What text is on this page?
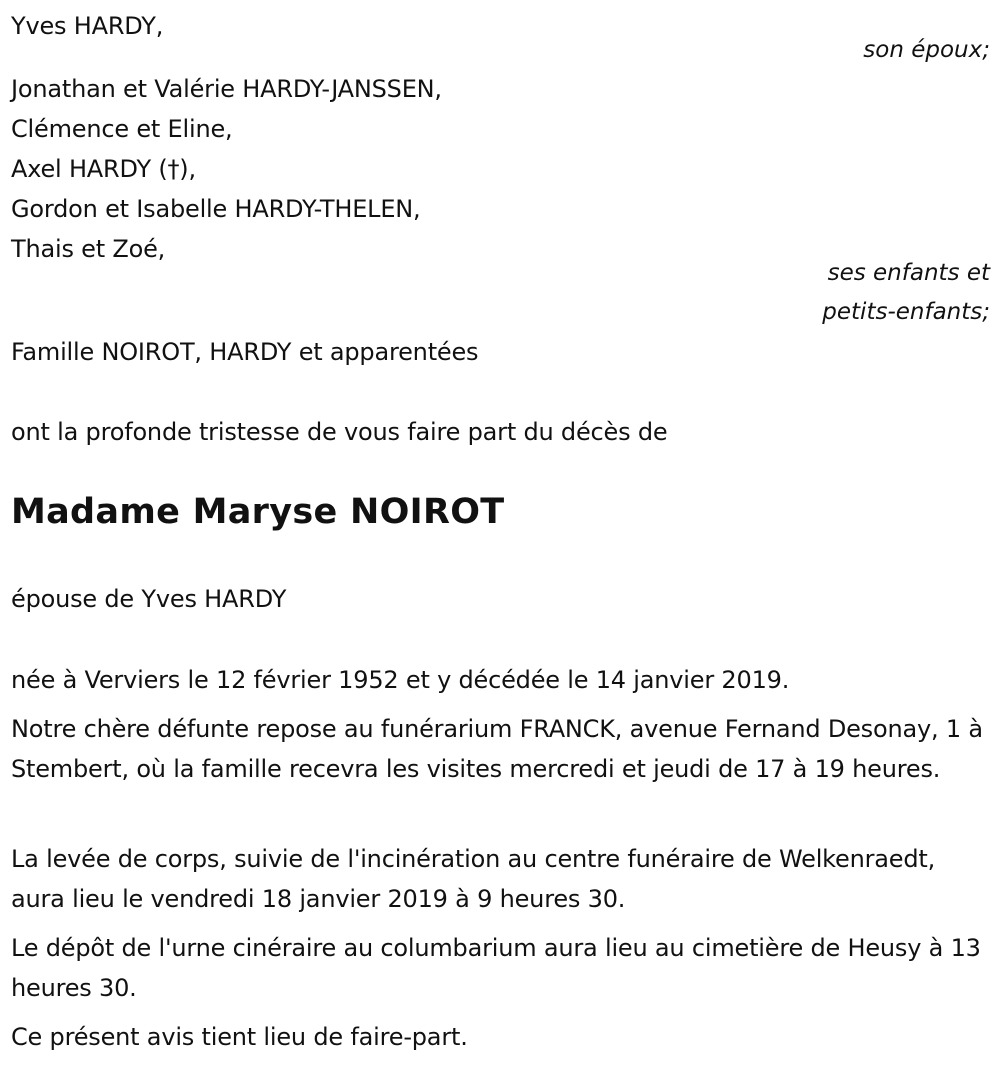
Yves HARDY,
son époux;
Jonathan et Valérie HARDY-JANSSEN,
Clémence et Eline,
Axel HARDY (†),
Gordon et Isabelle HARDY-THELEN,
Thais et Zoé,
ses enfants et
petits-enfants;
Famille NOIROT, HARDY et apparentées
ont la profonde tristesse de vous faire part du décès de
Madame Maryse NOIROT
épouse de Yves HARDY
née à Verviers le 12 février 1952 et y décédée le 14 janvier 2019.
Notre chère défunte repose au funérarium FRANCK, avenue Fernand Desonay, 1 à Stembert, où la famille recevra les visites mercredi et jeudi de 17 à 19 heures.
La levée de corps, suivie de l'incinération au centre funéraire de Welkenraedt, aura lieu le vendredi 18 janvier 2019 à 9 heures 30.
Le dépôt de l'urne cinéraire au columbarium aura lieu au cimetière de Heusy à 13 heures 30.
Ce présent avis tient lieu de faire-part.
